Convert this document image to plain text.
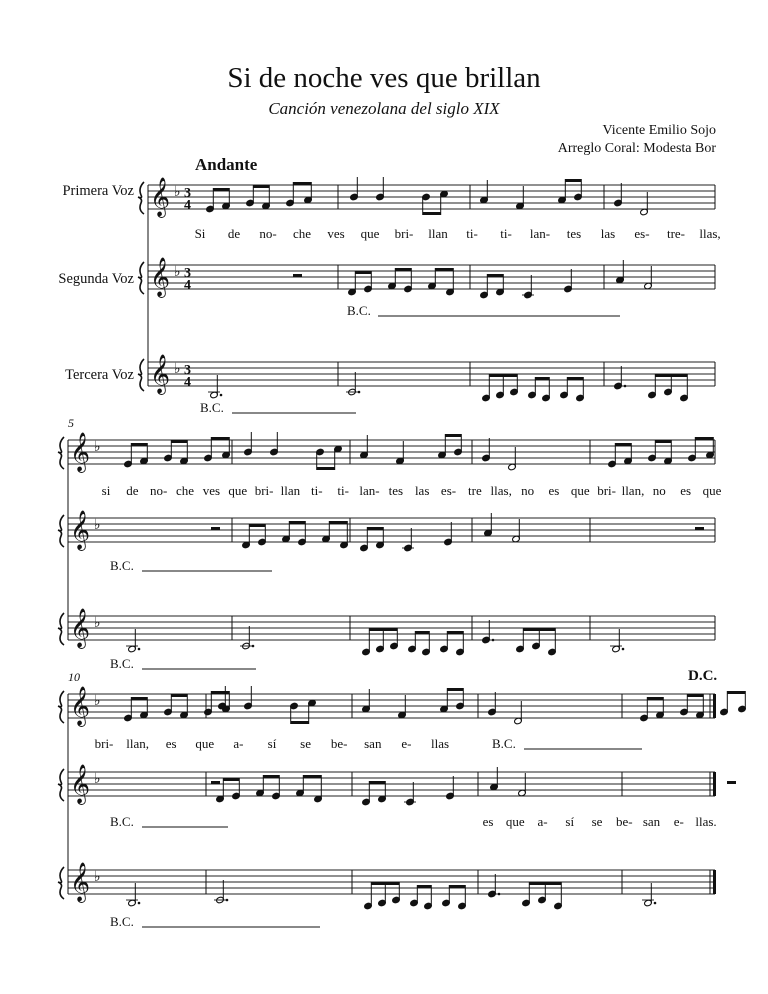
Si de noche ves que brillan
Canción venezolana del siglo XIX
Vicente Emilio Sojo
Arreglo Coral: Modesta Bor
Andante
Primera Voz
Segunda Voz
Tercera Voz
5
10	D.C.
𝄞 ♭ 3
4
𝄞 ♭ 3
4
𝄞 ♭ 3
4
𝄞 ♭
𝄞 ♭
𝄞 ♭
𝄞 ♭
𝄞 ♭
𝄞 ♭
Si de no- che ves que bri- llan ti- ti- lan- tes las es- tre- llas,
si de no- che ves que bri- llan ti- ti- lan- tes las es- tre llas, no es que bri- llan, no es que
bri- llan, es que a- sí se be- san e- llas
es que a- sí se be- san e- llas.
B.C.
B.C.
B.C.
B.C.
B.C.
B.C.
B.C.
